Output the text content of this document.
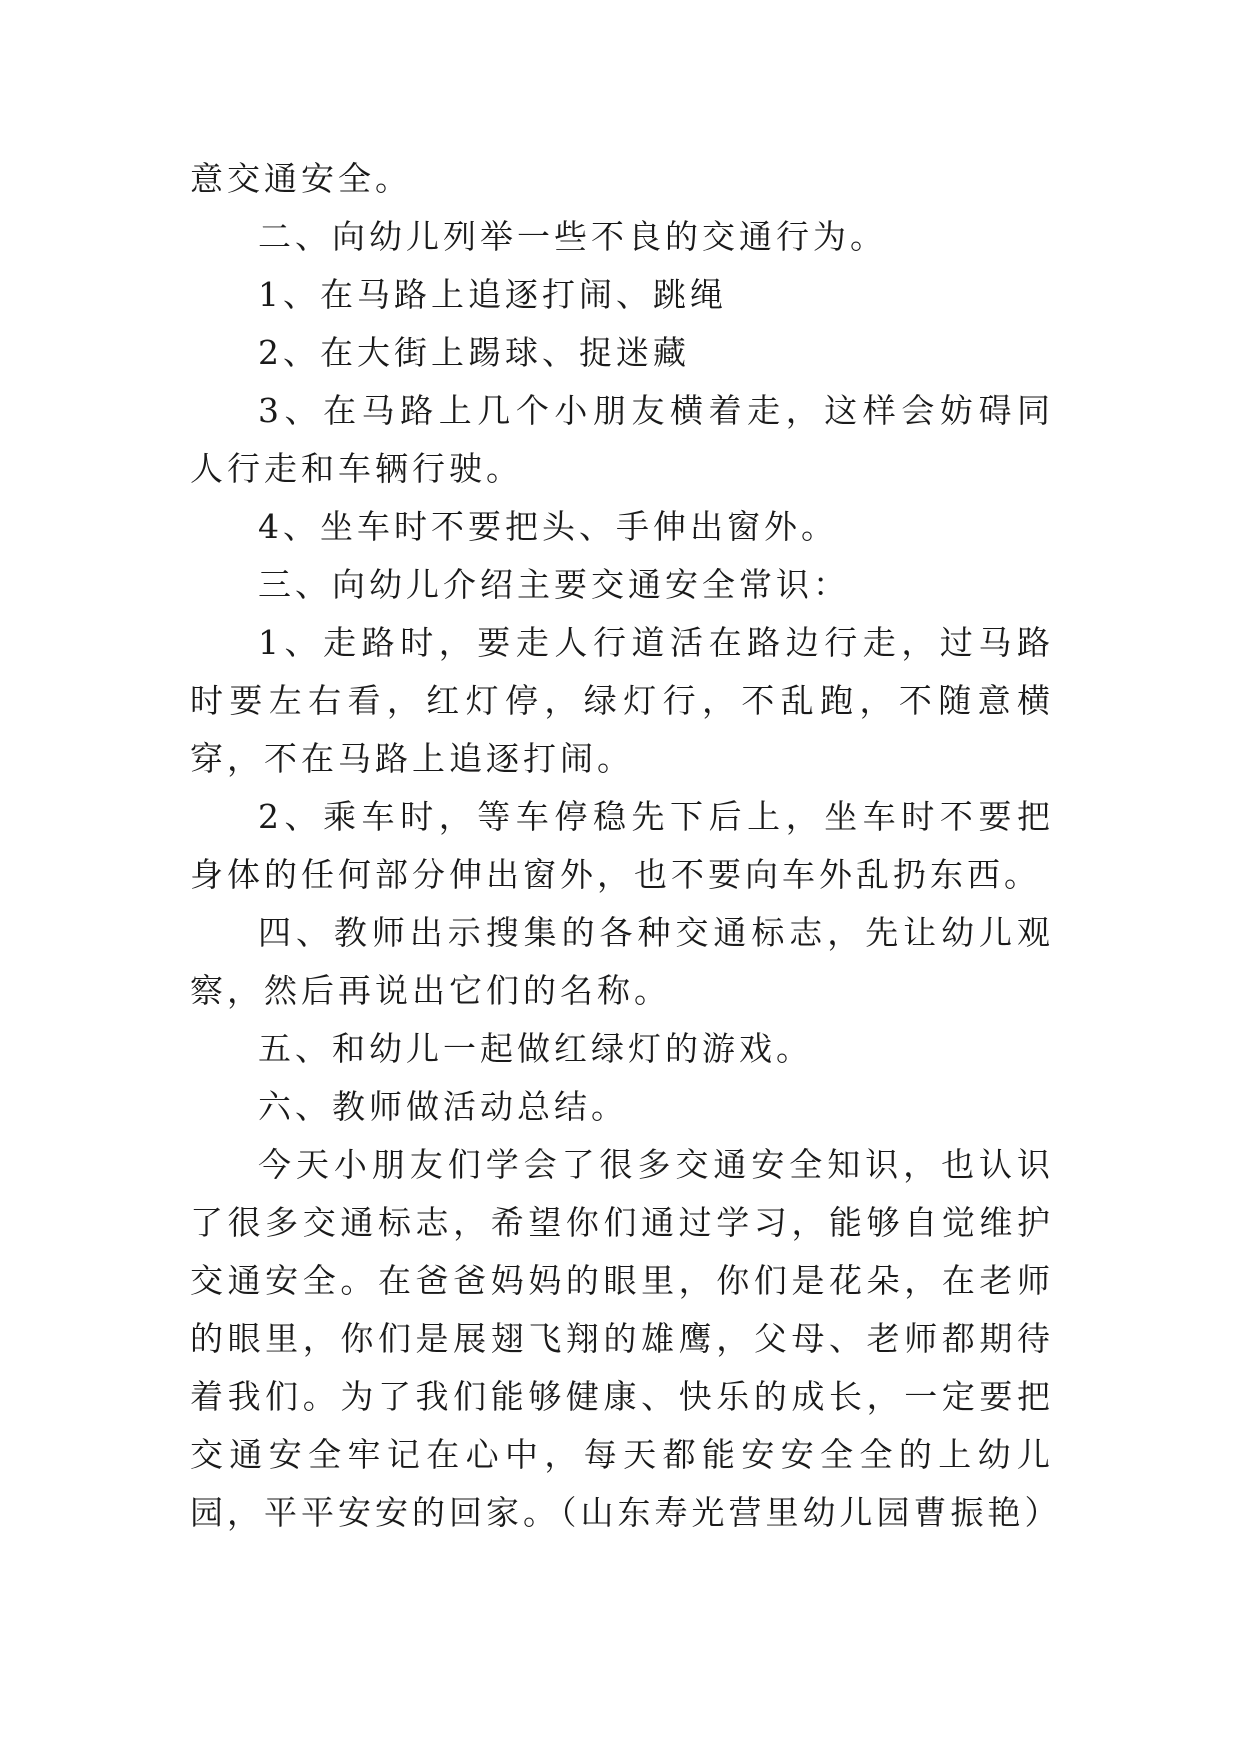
意交通安全。

二、向幼儿列举一些不良的交通行为。

1、在马路上追逐打闹、跳绳

2、在大街上踢球、捉迷藏

3、在马路上几个小朋友横着走，这样会妨碍同人行走和车辆行驶。

4、坐车时不要把头、手伸出窗外。

三、向幼儿介绍主要交通安全常识：

1、走路时，要走人行道活在路边行走，过马路时要左右看，红灯停，绿灯行，不乱跑，不随意横穿，不在马路上追逐打闹。

2、乘车时，等车停稳先下后上，坐车时不要把身体的任何部分伸出窗外，也不要向车外乱扔东西。

四、教师出示搜集的各种交通标志，先让幼儿观察，然后再说出它们的名称。

五、和幼儿一起做红绿灯的游戏。

六、教师做活动总结。

今天小朋友们学会了很多交通安全知识，也认识了很多交通标志，希望你们通过学习，能够自觉维护交通安全。在爸爸妈妈的眼里，你们是花朵，在老师的眼里，你们是展翅飞翔的雄鹰，父母、老师都期待着我们。为了我们能够健康、快乐的成长，一定要把交通安全牢记在心中，每天都能安安全全的上幼儿园，平平安安的回家。（山东寿光营里幼儿园曹振艳）
